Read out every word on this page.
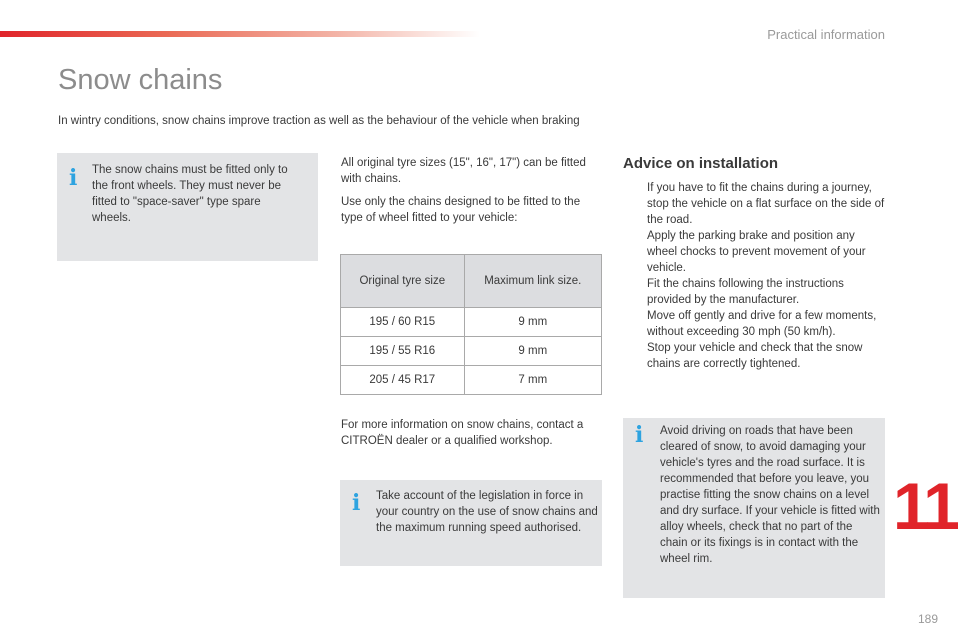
Practical information
Snow chains

In wintry conditions, snow chains improve traction as well as the behaviour of the vehicle when braking

i	The snow chains must be fitted only to the front wheels. They must never be fitted to "space-saver" type spare wheels.

All original tyre sizes (15", 16", 17") can be fitted with chains.

Use only the chains designed to be fitted to the type of wheel fitted to your vehicle:

Original tyre size	Maximum link size.
195 / 60 R15	9 mm
195 / 55 R16	9 mm
205 / 45 R17	7 mm

For more information on snow chains, contact a CITROËN dealer or a qualified workshop.

i	Take account of the legislation in force in your country on the use of snow chains and the maximum running speed authorised.

Advice on installation
If you have to fit the chains during a journey, stop the vehicle on a flat surface on the side of the road.
Apply the parking brake and position any wheel chocks to prevent movement of your vehicle.
Fit the chains following the instructions provided by the manufacturer.
Move off gently and drive for a few moments, without exceeding 30 mph (50 km/h).
Stop your vehicle and check that the snow chains are correctly tightened.
i	Avoid driving on roads that have been cleared of snow, to avoid damaging your vehicle's tyres and the road surface. It is recommended that before you leave, you practise fitting the snow chains on a level and dry surface. If your vehicle is fitted with alloy wheels, check that no part of the chain or its fixings is in contact with the wheel rim.

11
189
